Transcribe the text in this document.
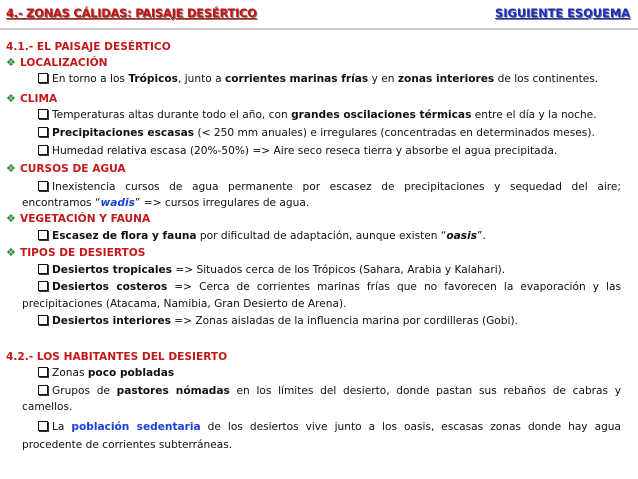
4.- ZONAS CÁLIDAS: PAISAJE DESÉRTICO	SIGUIENTE ESQUEMA
4.1.- EL PAISAJE DESÉRTICO
❖ LOCALIZACIÓN
En torno a los Trópicos, junto a corrientes marinas frías y en zonas interiores de los continentes.
❖ CLIMA
Temperaturas altas durante todo el año, con grandes oscilaciones térmicas entre el día y la noche.
Precipitaciones escasas (< 250 mm anuales) e irregulares (concentradas en determinados meses).
Humedad relativa escasa (20%-50%) => Aire seco reseca tierra y absorbe el agua precipitada.
❖ CURSOS DE AGUA
Inexistencia cursos de agua permanente por escasez de precipitaciones y sequedad del aire;
encontramos “wadis” => cursos irregulares de agua.
❖ VEGETACIÓN Y FAUNA
Escasez de flora y fauna por dificultad de adaptación, aunque existen “oasis”.
❖ TIPOS DE DESIERTOS
Desiertos tropicales => Situados cerca de los Trópicos (Sahara, Arabia y Kalahari).
Desiertos costeros => Cerca de corrientes marinas frías que no favorecen la evaporación y las
precipitaciones (Atacama, Namibia, Gran Desierto de Arena).
Desiertos interiores => Zonas aisladas de la influencia marina por cordilleras (Gobi).
4.2.- LOS HABITANTES DEL DESIERTO
Zonas poco pobladas
Grupos de pastores nómadas en los límites del desierto, donde pastan sus rebaños de cabras y
camellos.
La población sedentaria de los desiertos vive junto a los oasis, escasas zonas donde hay agua
procedente de corrientes subterráneas.
